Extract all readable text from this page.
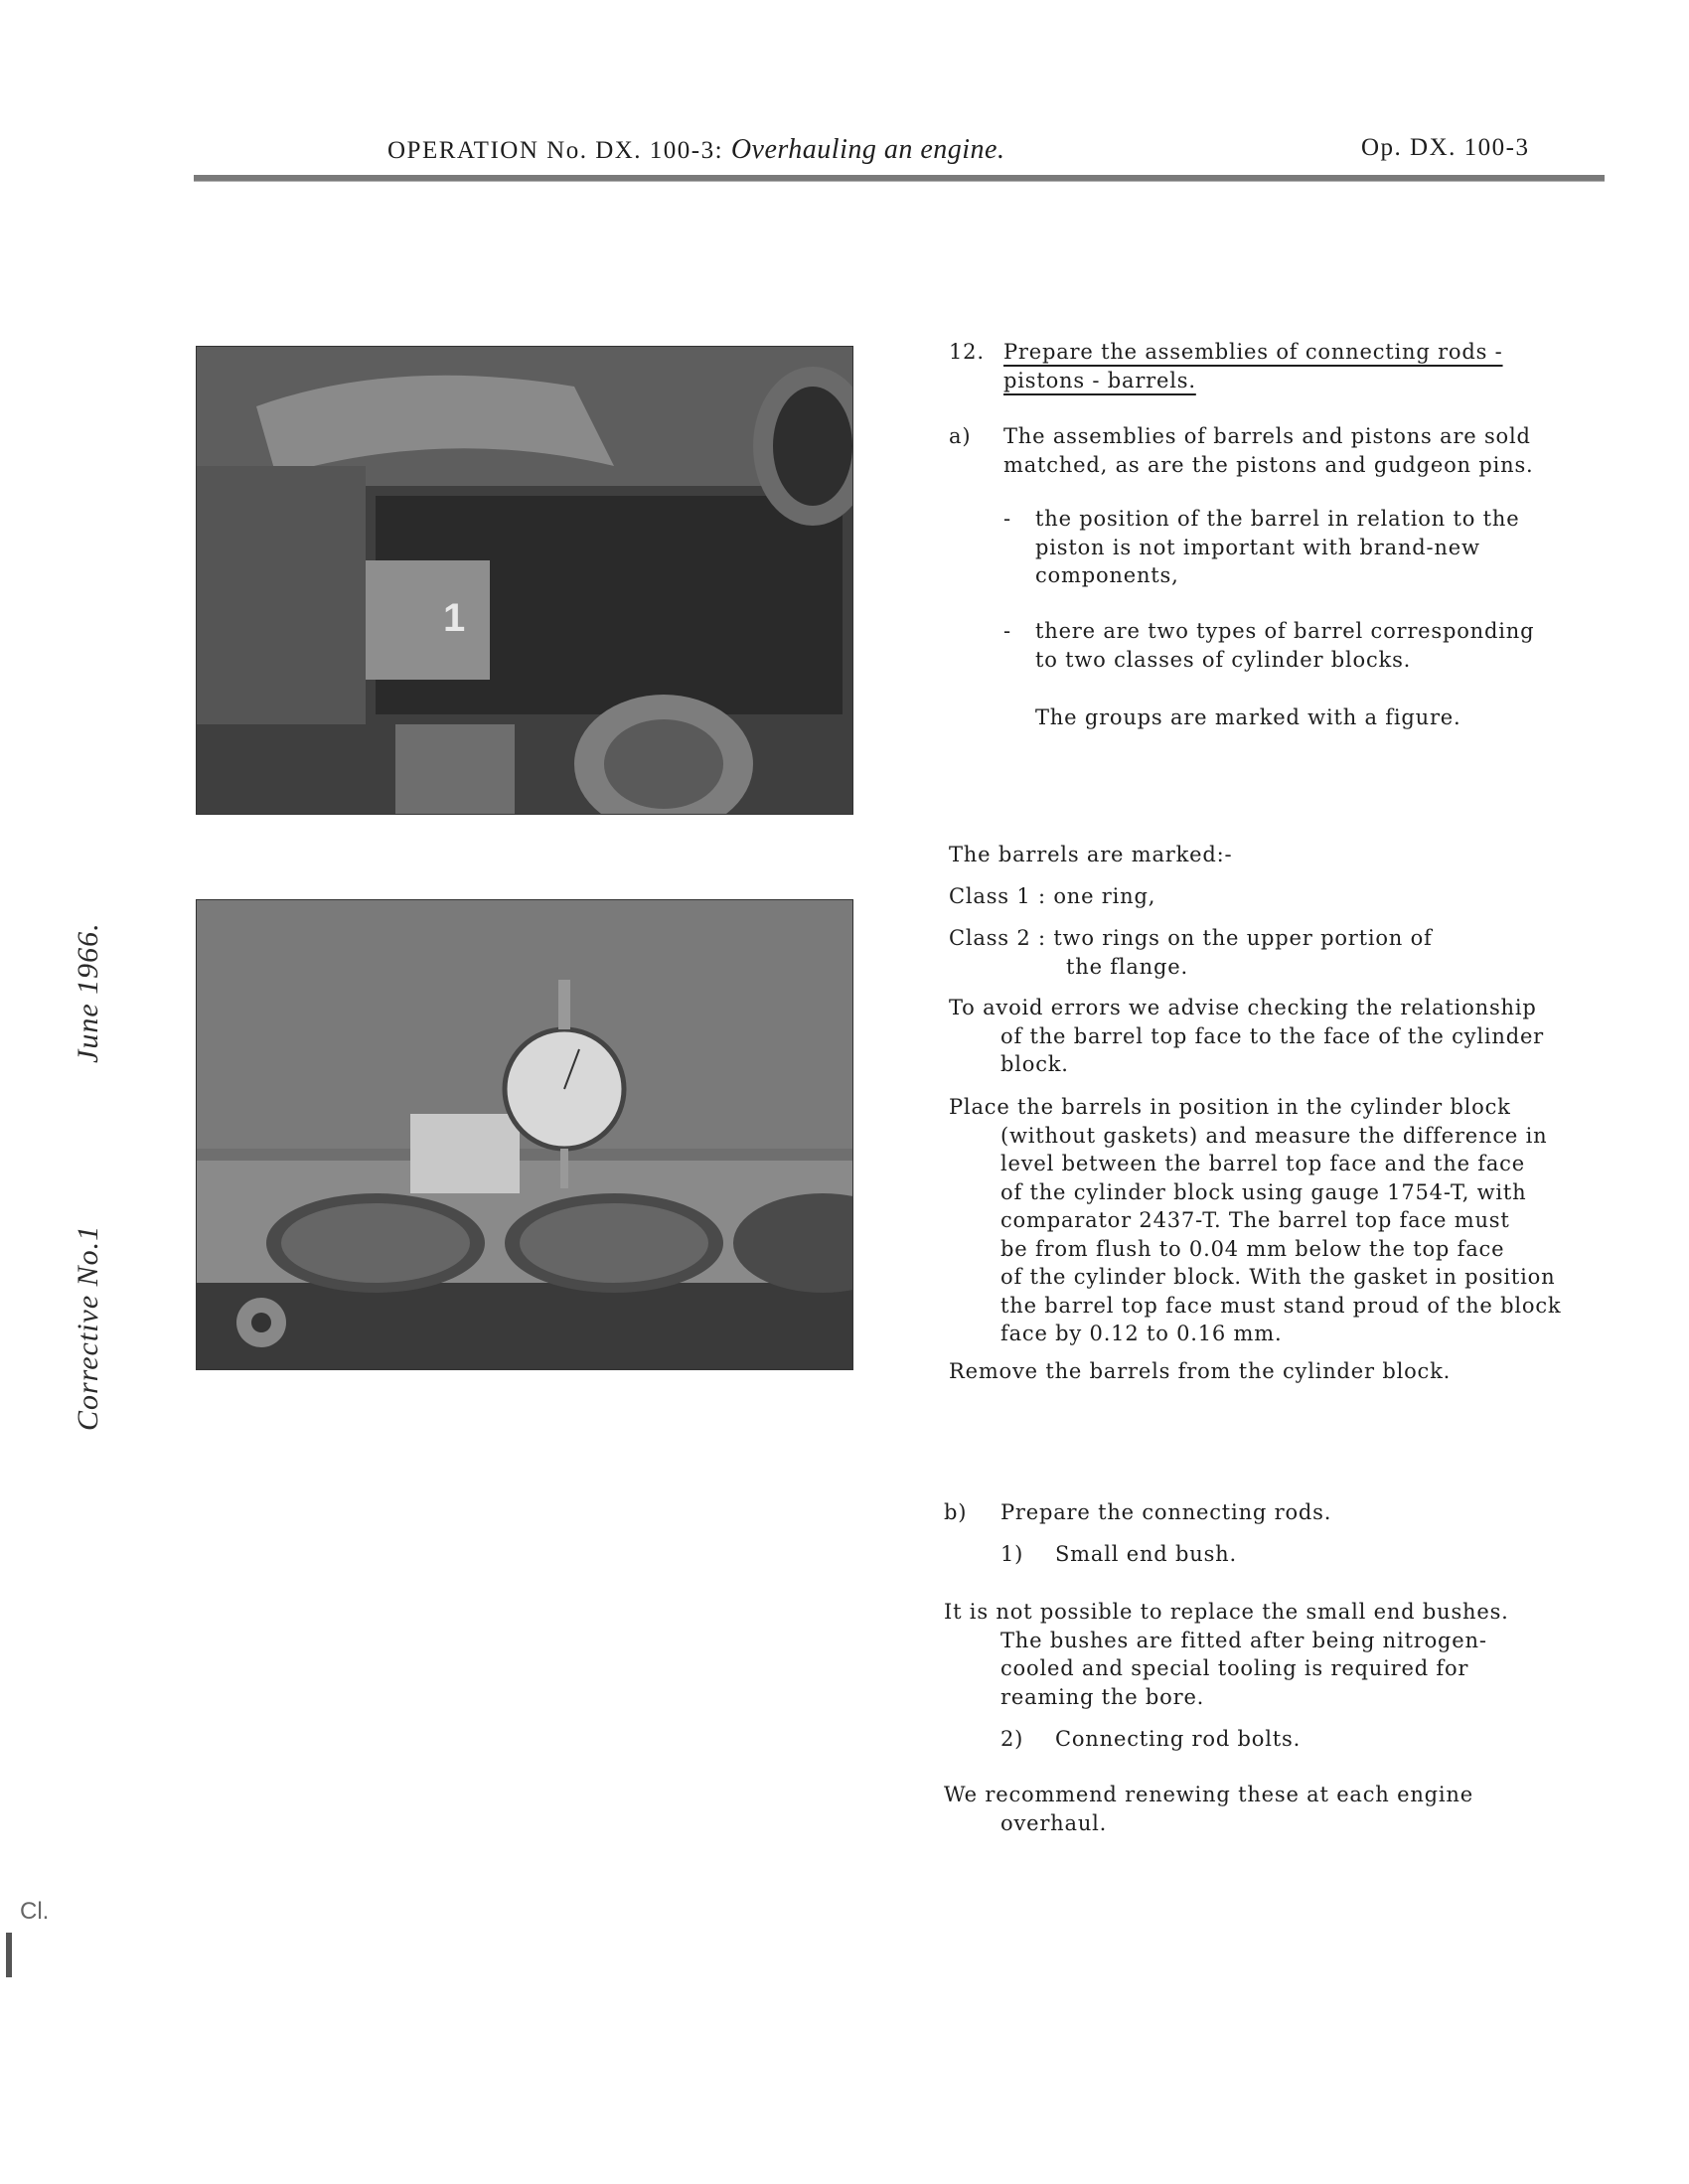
OPERATION No. DX. 100-3: Overhauling an engine.	Op. DX. 100-3
June 1966.
Corrective No.1
1
12. Prepare the assemblies of connecting rods -
pistons - barrels.
a) The assemblies of barrels and pistons are sold
matched, as are the pistons and gudgeon pins.
- the position of the barrel in relation to the
piston is not important with brand-new
components,
- there are two types of barrel corresponding
to two classes of cylinder blocks.
The groups are marked with a figure.
The barrels are marked:-
Class 1 : one ring,
Class 2 : two rings on the upper portion of
the flange.
To avoid errors we advise checking the relationship
of the barrel top face to the face of the cylinder
block.
Place the barrels in position in the cylinder block
(without gaskets) and measure the difference in
level between the barrel top face and the face
of the cylinder block using gauge 1754-T, with
comparator 2437-T. The barrel top face must
be from flush to 0.04 mm below the top face
of the cylinder block. With the gasket in position
the barrel top face must stand proud of the block
face by 0.12 to 0.16 mm.
Remove the barrels from the cylinder block.
b) Prepare the connecting rods.
1) Small end bush.
It is not possible to replace the small end bushes.
The bushes are fitted after being nitrogen-
cooled and special tooling is required for
reaming the bore.
2) Connecting rod bolts.
We recommend renewing these at each engine
overhaul.
Cl.
